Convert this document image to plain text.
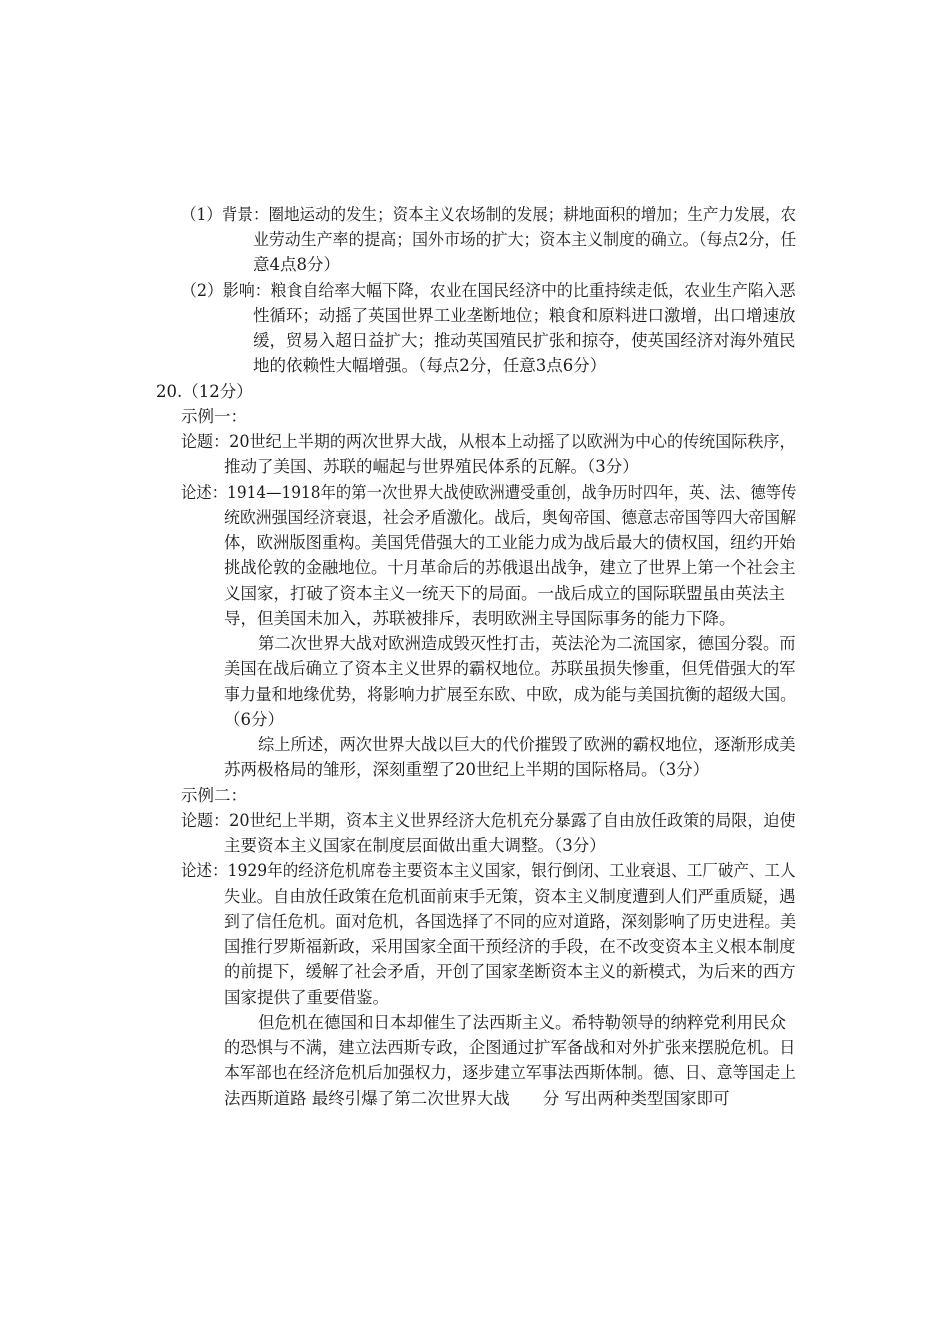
（1）背景：圈地运动的发生；资本主义农场制的发展；耕地面积的增加；生产力发展，农
业劳动生产率的提高；国外市场的扩大；资本主义制度的确立。（每点2分，任
意4点8分）
（2）影响：粮食自给率大幅下降，农业在国民经济中的比重持续走低，农业生产陷入恶
性循环；动摇了英国世界工业垄断地位；粮食和原料进口激增，出口增速放
缓，贸易入超日益扩大；推动英国殖民扩张和掠夺，使英国经济对海外殖民
地的依赖性大幅增强。（每点2分，任意3点6分）
20.（12分）
示例一：
论题：20世纪上半期的两次世界大战，从根本上动摇了以欧洲为中心的传统国际秩序，
推动了美国、苏联的崛起与世界殖民体系的瓦解。（3分）
论述：1914—1918年的第一次世界大战使欧洲遭受重创，战争历时四年，英、法、德等传
统欧洲强国经济衰退，社会矛盾激化。战后，奥匈帝国、德意志帝国等四大帝国解
体，欧洲版图重构。美国凭借强大的工业能力成为战后最大的债权国，纽约开始
挑战伦敦的金融地位。十月革命后的苏俄退出战争，建立了世界上第一个社会主
义国家，打破了资本主义一统天下的局面。一战后成立的国际联盟虽由英法主
导，但美国未加入，苏联被排斥，表明欧洲主导国际事务的能力下降。
第二次世界大战对欧洲造成毁灭性打击，英法沦为二流国家，德国分裂。而
美国在战后确立了资本主义世界的霸权地位。苏联虽损失惨重，但凭借强大的军
事力量和地缘优势，将影响力扩展至东欧、中欧，成为能与美国抗衡的超级大国。
（6分）
综上所述，两次世界大战以巨大的代价摧毁了欧洲的霸权地位，逐渐形成美
苏两极格局的雏形，深刻重塑了20世纪上半期的国际格局。（3分）
示例二：
论题：20世纪上半期，资本主义世界经济大危机充分暴露了自由放任政策的局限，迫使
主要资本主义国家在制度层面做出重大调整。（3分）
论述：1929年的经济危机席卷主要资本主义国家，银行倒闭、工业衰退、工厂破产、工人
失业。自由放任政策在危机面前束手无策，资本主义制度遭到人们严重质疑，遇
到了信任危机。面对危机，各国选择了不同的应对道路，深刻影响了历史进程。美
国推行罗斯福新政，采用国家全面干预经济的手段，在不改变资本主义根本制度
的前提下，缓解了社会矛盾，开创了国家垄断资本主义的新模式，为后来的西方
国家提供了重要借鉴。
但危机在德国和日本却催生了法西斯主义。希特勒领导的纳粹党利用民众
的恐惧与不满，建立法西斯专政，企图通过扩军备战和对外扩张来摆脱危机。日
本军部也在经济危机后加强权力，逐步建立军事法西斯体制。德、日、意等国走上
法西斯道路 最终引爆了第二次世界大战　　分 写出两种类型国家即可
